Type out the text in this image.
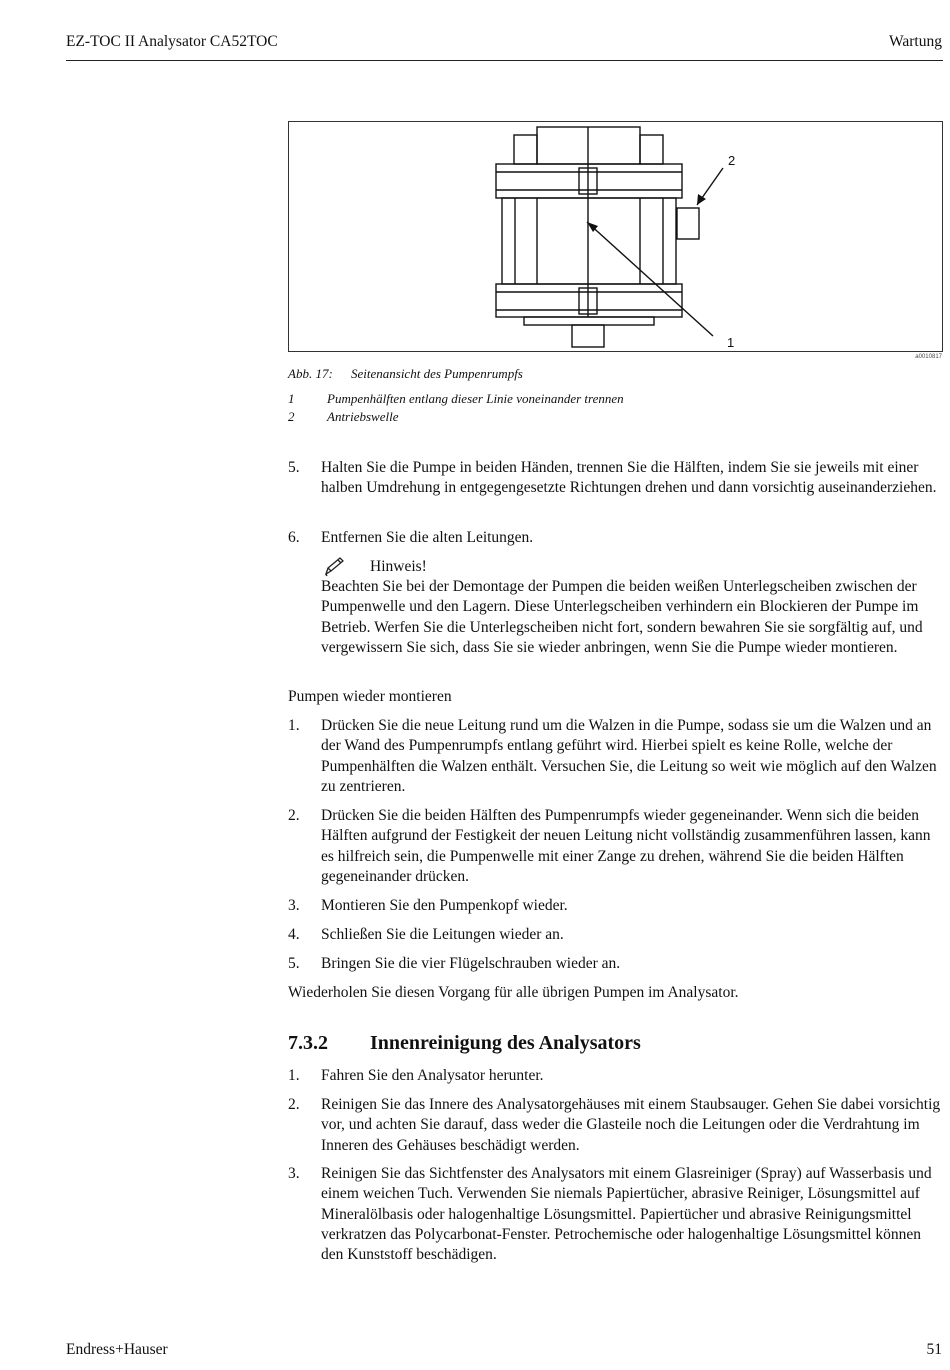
EZ-TOC II Analysator CA52TOC	Wartung
1
2
a0010817
Abb. 17: Seitenansicht des Pumpenrumpfs
1	Pumpenhälften entlang dieser Linie voneinander trennen
2	Antriebswelle
5. Halten Sie die Pumpe in beiden Händen, trennen Sie die Hälften, indem Sie sie jeweils mit einer halben Umdrehung in entgegengesetzte Richtungen drehen und dann vorsichtig auseinanderziehen.
6. Entfernen Sie die alten Leitungen.
Hinweis!
Beachten Sie bei der Demontage der Pumpen die beiden weißen Unterlegscheiben zwischen der Pumpenwelle und den Lagern. Diese Unterlegscheiben verhindern ein Blockieren der Pumpe im Betrieb. Werfen Sie die Unterlegscheiben nicht fort, sondern bewahren Sie sie sorgfältig auf, und vergewissern Sie sich, dass Sie sie wieder anbringen, wenn Sie die Pumpe wieder montieren.
Pumpen wieder montieren
1. Drücken Sie die neue Leitung rund um die Walzen in die Pumpe, sodass sie um die Walzen und an der Wand des Pumpenrumpfs entlang geführt wird. Hierbei spielt es keine Rolle, welche der Pumpenhälften die Walzen enthält. Versuchen Sie, die Leitung so weit wie möglich auf den Walzen zu zentrieren.
2. Drücken Sie die beiden Hälften des Pumpenrumpfs wieder gegeneinander. Wenn sich die beiden Hälften aufgrund der Festigkeit der neuen Leitung nicht vollständig zusammenführen lassen, kann es hilfreich sein, die Pumpenwelle mit einer Zange zu drehen, während Sie die beiden Hälften gegeneinander drücken.
3. Montieren Sie den Pumpenkopf wieder.
4. Schließen Sie die Leitungen wieder an.
5. Bringen Sie die vier Flügelschrauben wieder an.
Wiederholen Sie diesen Vorgang für alle übrigen Pumpen im Analysator.
7.3.2 Innenreinigung des Analysators
1. Fahren Sie den Analysator herunter.
2. Reinigen Sie das Innere des Analysatorgehäuses mit einem Staubsauger. Gehen Sie dabei vorsichtig vor, und achten Sie darauf, dass weder die Glasteile noch die Leitungen oder die Verdrahtung im Inneren des Gehäuses beschädigt werden.
3. Reinigen Sie das Sichtfenster des Analysators mit einem Glasreiniger (Spray) auf Wasserbasis und einem weichen Tuch. Verwenden Sie niemals Papiertücher, abrasive Reiniger, Lösungsmittel auf Mineralölbasis oder halogenhaltige Lösungsmittel. Papiertücher und abrasive Reinigungsmittel verkratzen das Polycarbonat-Fenster. Petrochemische oder halogenhaltige Lösungsmittel können den Kunststoff beschädigen.
Endress+Hauser	51
